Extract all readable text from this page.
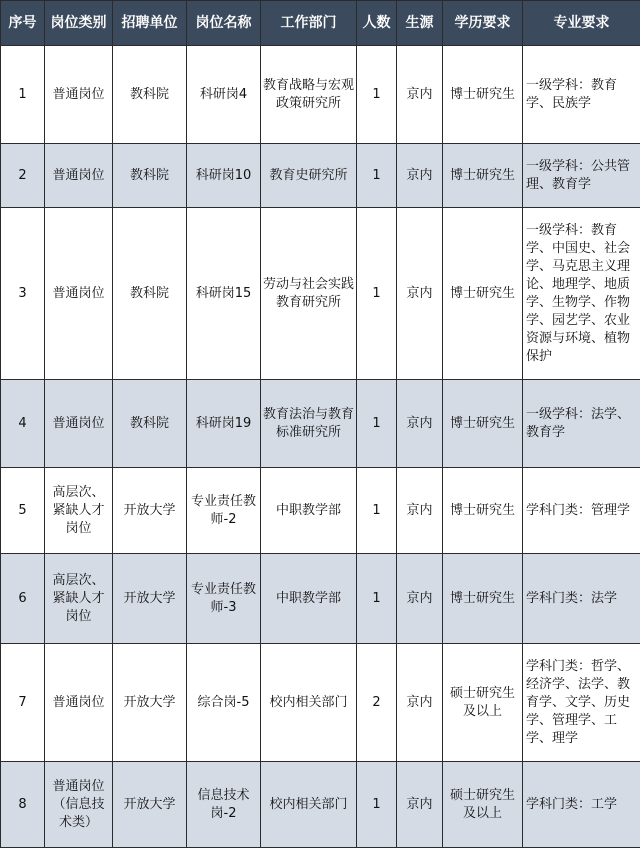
序号	岗位类别	招聘单位	岗位名称	工作部门	人数	生源	学历要求	专业要求
1	普通岗位	教科院	科研岗4	教育战略与宏观政策研究所	1	京内	博士研究生	一级学科：教育学、民族学
2	普通岗位	教科院	科研岗10	教育史研究所	1	京内	博士研究生	一级学科：公共管理、教育学
3	普通岗位	教科院	科研岗15	劳动与社会实践教育研究所	1	京内	博士研究生	一级学科：教育学、中国史、社会学、马克思主义理论、地理学、地质学、生物学、作物学、园艺学、农业资源与环境、植物保护
4	普通岗位	教科院	科研岗19	教育法治与教育标准研究所	1	京内	博士研究生	一级学科：法学、教育学
5	高层次、紧缺人才岗位	开放大学	专业责任教师-2	中职教学部	1	京内	博士研究生	学科门类：管理学
6	高层次、紧缺人才岗位	开放大学	专业责任教师-3	中职教学部	1	京内	博士研究生	学科门类：法学
7	普通岗位	开放大学	综合岗-5	校内相关部门	2	京内	硕士研究生及以上	学科门类：哲学、经济学、法学、教育学、文学、历史学、管理学、工学、理学
8	普通岗位（信息技术类）	开放大学	信息技术岗-2	校内相关部门	1	京内	硕士研究生及以上	学科门类：工学
